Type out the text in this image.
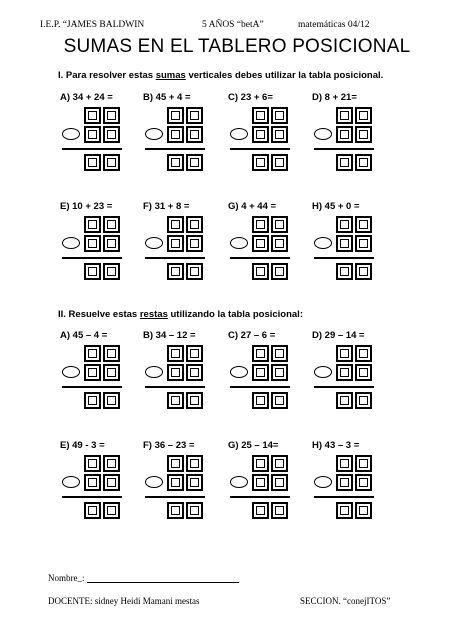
I.E.P. “JAMES BALDWIN	5 AÑOS “betA”	matemáticas 04/12
SUMAS EN EL TABLERO POSICIONAL
I. Para resolver estas sumas verticales debes utilizar la tabla posicional.
II. Resuelve estas restas utilizando la tabla posicional:
A) 34 + 24 =	B) 45 + 4 =	C) 23 + 6=	D) 8 + 21=
E) 10 + 23 =	F) 31 + 8 =	G) 4 + 44 =	H) 45 + 0 =
A) 45 – 4 =	B) 34 – 12 =	C) 27 – 6 =	D) 29 – 14 =
E) 49 - 3 =	F) 36 – 23 =	G) 25 – 14=	H) 43 – 3 =
Nombre_:
DOCENTE: sidney Heidi Mamani mestas	SECCION. “conejITOS”
